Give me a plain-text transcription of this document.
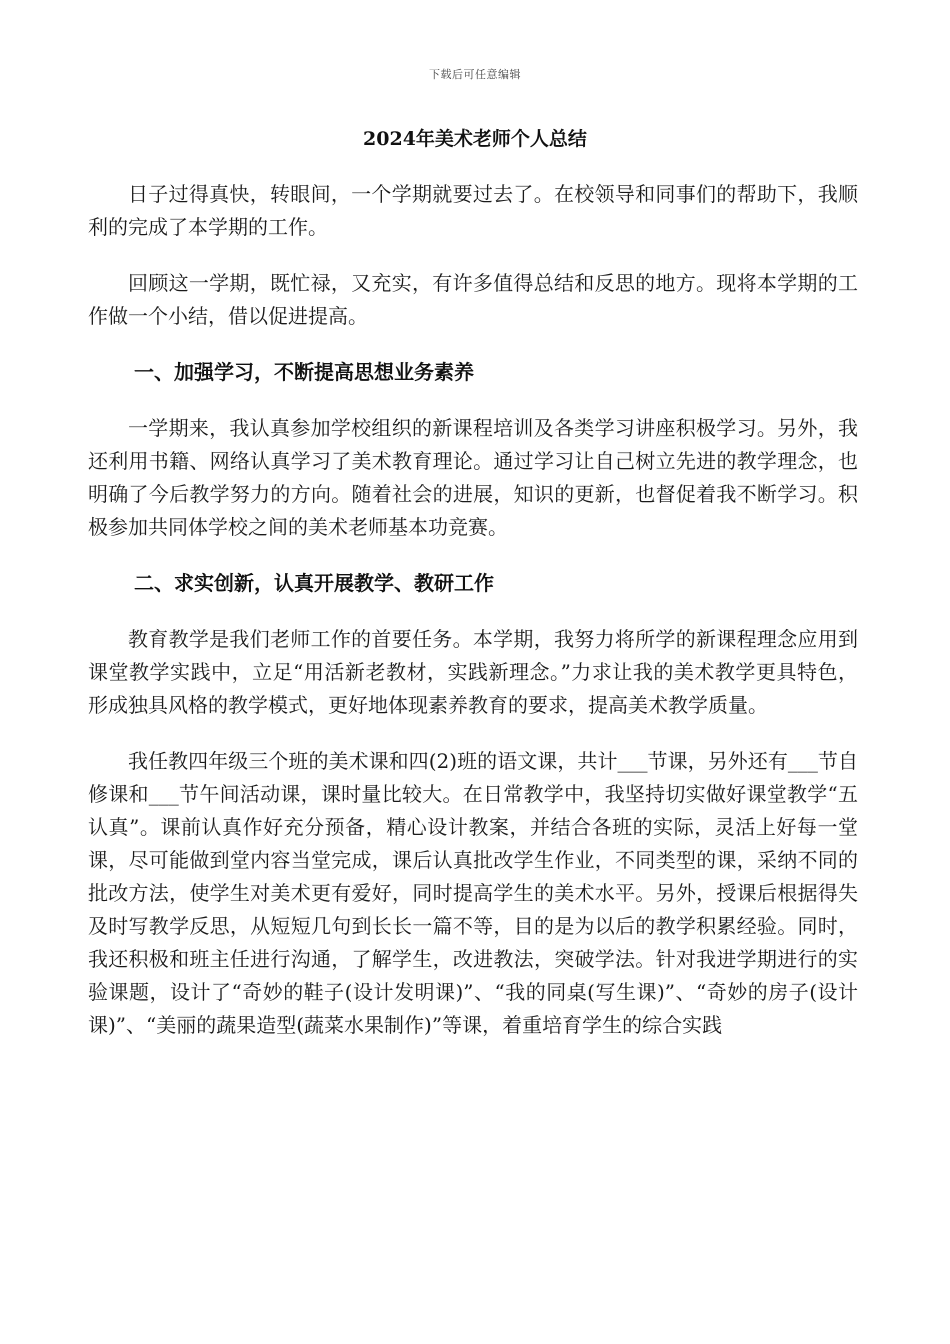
下载后可任意编辑
2024年美术老师个人总结

日子过得真快，转眼间，一个学期就要过去了。在校领导和同事们的帮助下，我顺利的完成了本学期的工作。

回顾这一学期，既忙禄，又充实，有许多值得总结和反思的地方。现将本学期的工作做一个小结，借以促进提高。

一、加强学习，不断提高思想业务素养

一学期来，我认真参加学校组织的新课程培训及各类学习讲座积极学习。另外，我还利用书籍、网络认真学习了美术教育理论。通过学习让自己树立先进的教学理念，也明确了今后教学努力的方向。随着社会的进展，知识的更新，也督促着我不断学习。积极参加共同体学校之间的美术老师基本功竞赛。

二、求实创新，认真开展教学、教研工作

教育教学是我们老师工作的首要任务。本学期，我努力将所学的新课程理念应用到课堂教学实践中，立足“用活新老教材，实践新理念。”力求让我的美术教学更具特色，形成独具风格的教学模式，更好地体现素养教育的要求，提高美术教学质量。

我任教四年级三个班的美术课和四(2)班的语文课，共计___节课，另外还有___节自修课和___节午间活动课，课时量比较大。在日常教学中，我坚持切实做好课堂教学“五认真”。课前认真作好充分预备，精心设计教案，并结合各班的实际，灵活上好每一堂课，尽可能做到堂内容当堂完成，课后认真批改学生作业，不同类型的课，采纳不同的批改方法，使学生对美术更有爱好，同时提高学生的美术水平。另外，授课后根据得失及时写教学反思，从短短几句到长长一篇不等，目的是为以后的教学积累经验。同时，我还积极和班主任进行沟通，了解学生，改进教法，突破学法。针对我进学期进行的实验课题，设计了“奇妙的鞋子(设计发明课)”、“我的同桌(写生课)”、“奇妙的房子(设计课)”、“美丽的蔬果造型(蔬菜水果制作)”等课，着重培育学生的综合实践
